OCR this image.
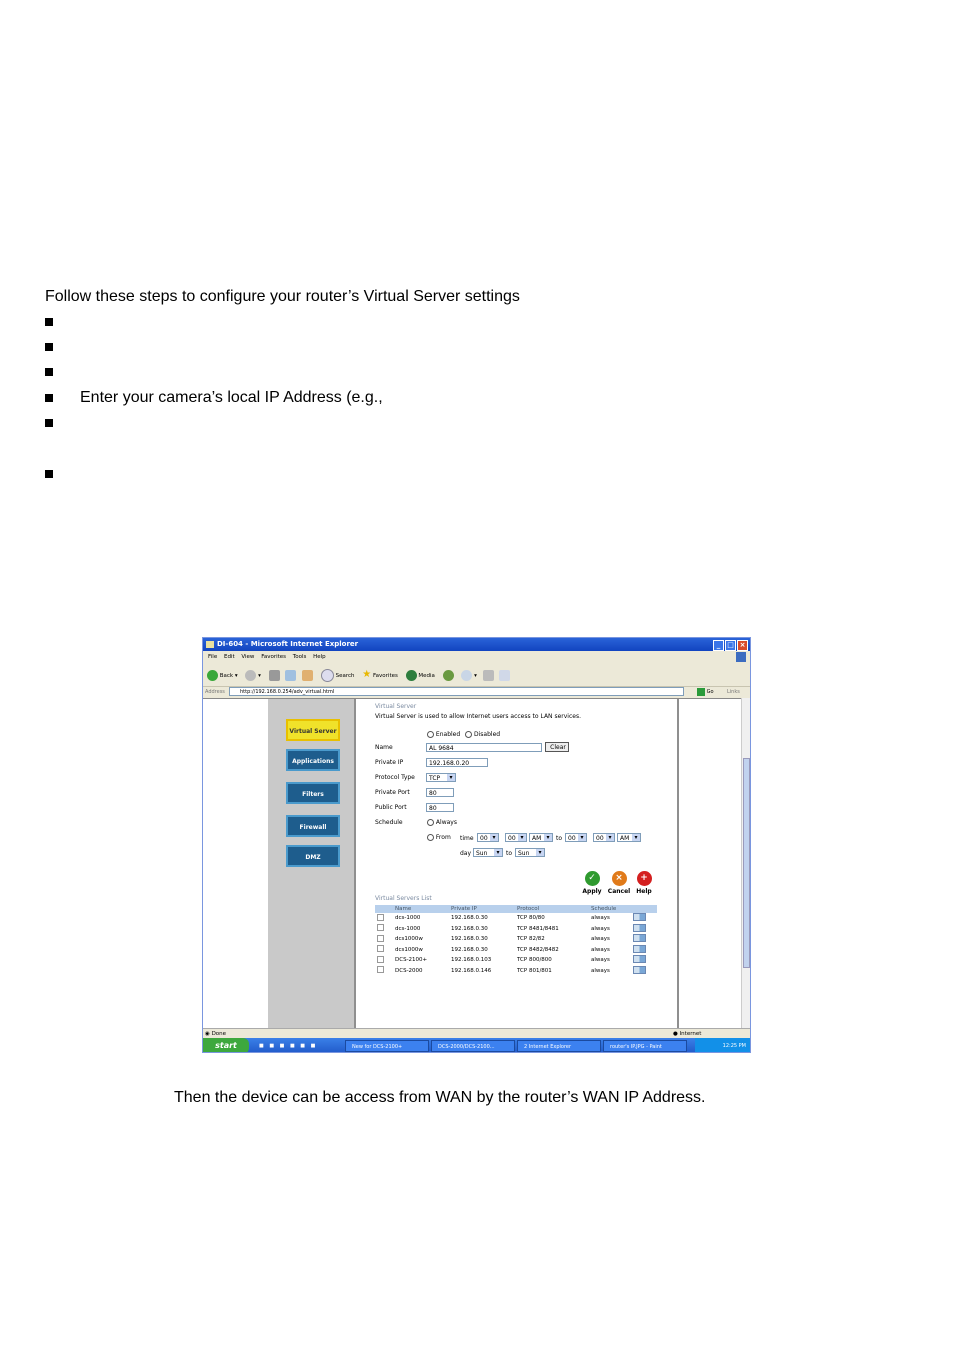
Follow these steps to configure your router’s Virtual Server settings
Enter your camera’s local IP Address (e.g.,
DI-604 - Microsoft Internet Explorer	_ □ ×
File Edit View Favorites Tools Help
Back ▾	▾	Search ★ Favorites	Media	▾
Address	http://192.168.0.254/adv_virtual.html	Go	Links
Virtual Server
Applications
Filters
Firewall
DMZ
Virtual Server
Virtual Server is used to allow Internet users access to LAN services.
Enabled Disabled
Name	AL 9684	Clear
Private IP	192.168.0.20
Protocol Type	TCP ▾
Private Port	80
Public Port	80
Schedule	Always
From time	00 ▾	00 ▾	AM ▾	to 00 ▾	00 ▾	AM ▾
day Sun ▾	to Sun ▾
✓
Apply
×
Cancel
+
Help
Virtual Servers List
	Name	Private IP	Protocol	Schedule	
	dcs-1000	192.168.0.30	TCP 80/80	always	
	dcs-1000	192.168.0.30	TCP 8481/8481	always	
	dcs1000w	192.168.0.30	TCP 82/82	always	
	dcs1000w	192.168.0.30	TCP 8482/8482	always	
	DCS-2100+	192.168.0.103	TCP 800/800	always	
	DCS-2000	192.168.0.146	TCP 801/801	always	
◉ Done	● Internet
start	■ ■ ■ ■ ■ ■	New for DCS-2100+	DCS-2000/DCS-2100...	2 Internet Explorer	router's IP.JPG - Paint	12:25 PM
Then the device can be access from WAN by the router’s WAN IP Address.
